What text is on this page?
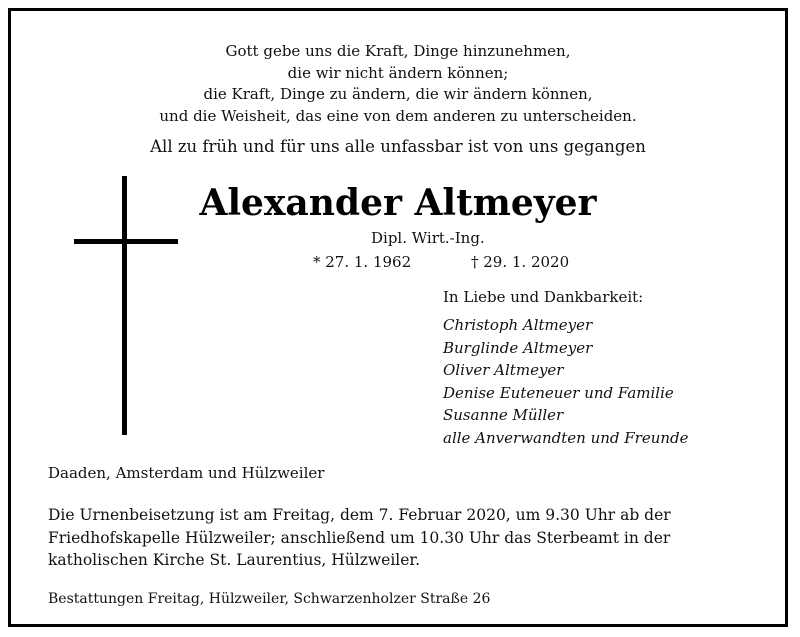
Gott gebe uns die Kraft, Dinge hinzunehmen,
die wir nicht ändern können;
die Kraft, Dinge zu ändern, die wir ändern können,
und die Weisheit, das eine von dem anderen zu unterscheiden.
All zu früh und für uns alle unfassbar ist von uns gegangen
Alexander Altmeyer
Dipl. Wirt.-Ing.
* 27. 1. 1962	† 29. 1. 2020
In Liebe und Dankbarkeit:
Christoph Altmeyer
Burglinde Altmeyer
Oliver Altmeyer
Denise Euteneuer und Familie
Susanne Müller
alle Anverwandten und Freunde
Daaden, Amsterdam und Hülzweiler
Die Urnenbeisetzung ist am Freitag, dem 7. Februar 2020, um 9.30 Uhr ab der
Friedhofskapelle Hülzweiler; anschließend um 10.30 Uhr das Sterbeamt in der
katholischen Kirche St. Laurentius, Hülzweiler.
Bestattungen Freitag, Hülzweiler, Schwarzenholzer Straße 26
